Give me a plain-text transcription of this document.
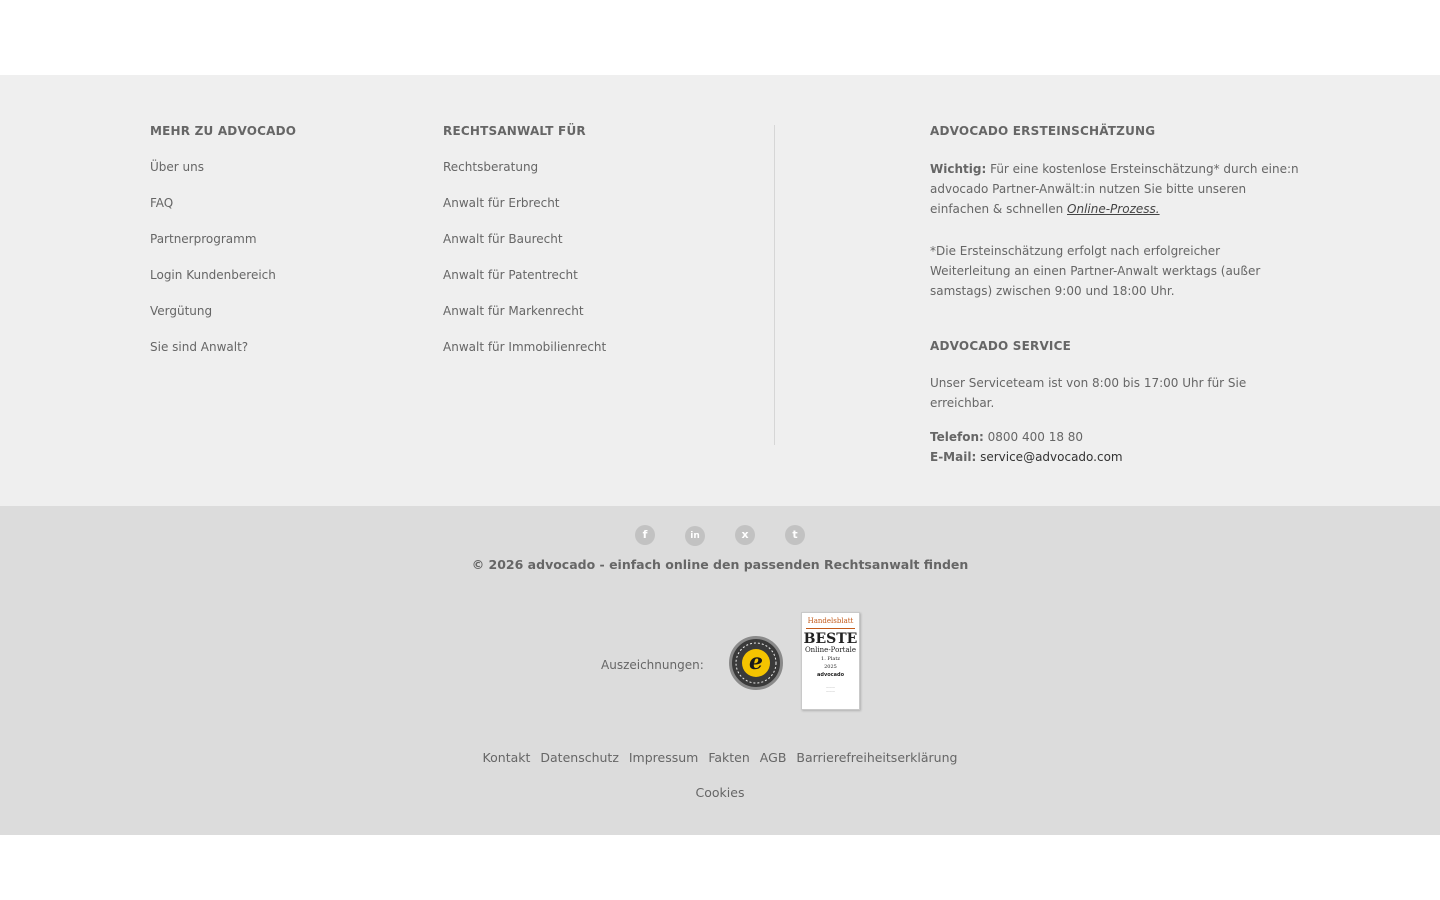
MEHR ZU ADVOCADO
Über uns
FAQ
Partnerprogramm
Login Kundenbereich
Vergütung
Sie sind Anwalt?
RECHTSANWALT FÜR
Rechtsberatung
Anwalt für Erbrecht
Anwalt für Baurecht
Anwalt für Patentrecht
Anwalt für Markenrecht
Anwalt für Immobilienrecht
ADVOCADO ERSTEINSCHÄTZUNG

Wichtig: Für eine kostenlose Ersteinschätzung* durch eine:n advocado Partner-Anwält:in nutzen Sie bitte unseren einfachen & schnellen Online-Prozess.

*Die Ersteinschätzung erfolgt nach erfolgreicher Weiterleitung an einen Partner-Anwalt werktags (außer samstags) zwischen 9:00 und 18:00 Uhr.

ADVOCADO SERVICE

Unser Serviceteam ist von 8:00 bis 17:00 Uhr für Sie erreichbar.

Telefon: 0800 400 18 80

E-Mail: service@advocado.com

f	in	x	t
© 2026 advocado - einfach online den passenden Rechtsanwalt finden
Auszeichnungen:	e
Handelsblatt
BESTE
Online-Portale
1. Platz
2025
advocado
———
———
Kontakt Datenschutz Impressum Fakten AGB Barrierefreiheitserklärung
Cookies
